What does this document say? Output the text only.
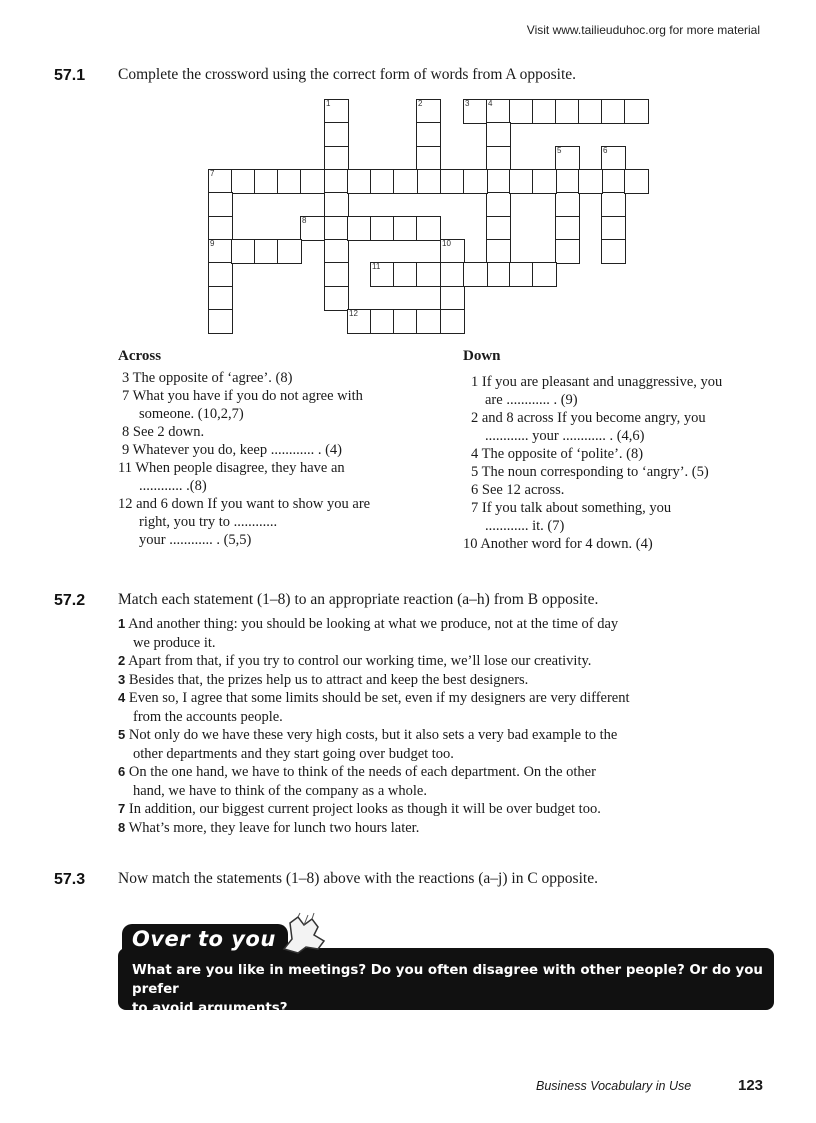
Visit www.tailieuduhoc.org for more material
57.1 Complete the crossword using the correct form of words from A opposite.
1	2	3 4
5	6
7
9
8
10
11
12
Across	Down
3 The opposite of ‘agree’. (8)
7 What you have if you do not agree with
someone. (10,2,7)
8 See 2 down.
9 Whatever you do, keep ............ . (4)
11 When people disagree, they have an
............ .(8)
12 and 6 down If you want to show you are
right, you try to ............
your ............ . (5,5)
1 If you are pleasant and unaggressive, you
are ............ . (9)
2 and 8 across If you become angry, you
............ your ............ . (4,6)
4 The opposite of ‘polite’. (8)
5 The noun corresponding to ‘angry’. (5)
6 See 12 across.
7 If you talk about something, you
............ it. (7)
10 Another word for 4 down. (4)
57.2 Match each statement (1–8) to an appropriate reaction (a–h) from B opposite.
1 And another thing: you should be looking at what we produce, not at the time of day
we produce it.
2 Apart from that, if you try to control our working time, we’ll lose our creativity.
3 Besides that, the prizes help us to attract and keep the best designers.
4 Even so, I agree that some limits should be set, even if my designers are very different
from the accounts people.
5 Not only do we have these very high costs, but it also sets a very bad example to the
other departments and they start going over budget too.
6 On the one hand, we have to think of the needs of each department. On the other
hand, we have to think of the company as a whole.
7 In addition, our biggest current project looks as though it will be over budget too.
8 What’s more, they leave for lunch two hours later.
57.3 Now match the statements (1–8) above with the reactions (a–j) in C opposite.
Over to you
What are you like in meetings? Do you often disagree with other people? Or do you prefer
to avoid arguments?
Business Vocabulary in Use	123
